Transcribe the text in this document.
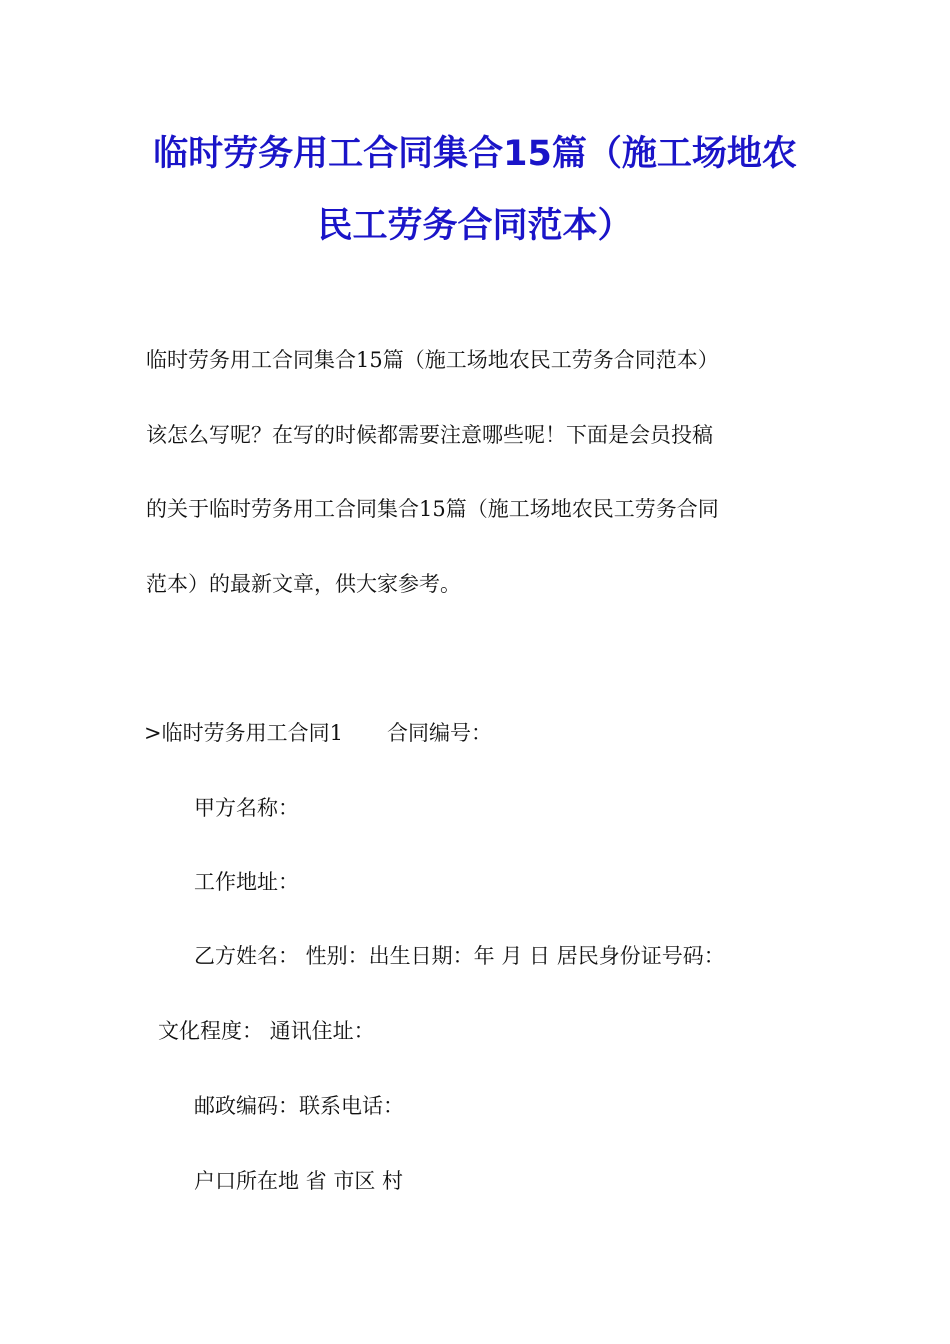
临时劳务用工合同集合15篇（施工场地农
民工劳务合同范本）
临时劳务用工合同集合15篇（施工场地农民工劳务合同范本）
该怎么写呢？在写的时候都需要注意哪些呢！下面是会员投稿
的关于临时劳务用工合同集合15篇（施工场地农民工劳务合同
范本）的最新文章，供大家参考。
>临时劳务用工合同1 合同编号：
甲方名称：
工作地址：
乙方姓名： 性别：出生日期：年 月 日 居民身份证号码：
文化程度： 通讯住址：
邮政编码：联系电话：
户口所在地 省 市区 村
